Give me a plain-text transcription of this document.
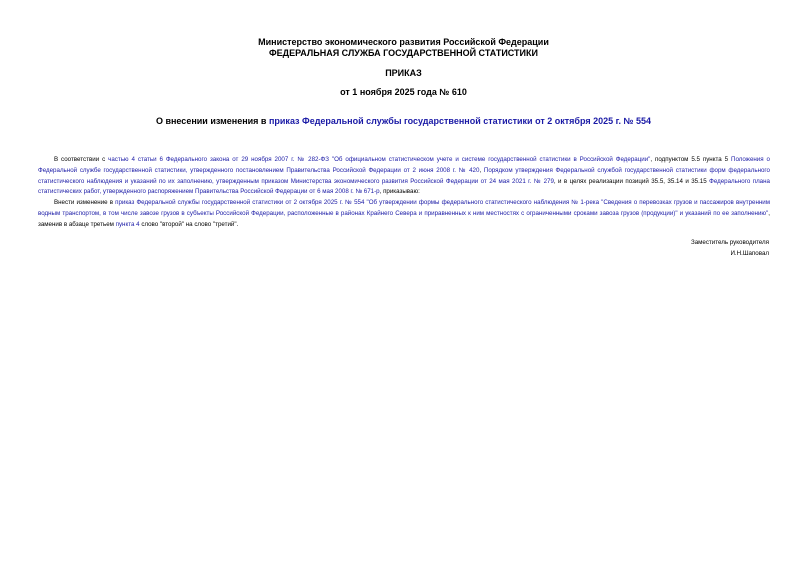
Министерство экономического развития Российской Федерации
ФЕДЕРАЛЬНАЯ СЛУЖБА ГОСУДАРСТВЕННОЙ СТАТИСТИКИ
ПРИКАЗ
от 1 ноября 2025 года № 610
О внесении изменения в приказ Федеральной службы государственной статистики от 2 октября 2025 г. № 554

В соответствии с частью 4 статьи 6 Федерального закона от 29 ноября 2007 г. № 282-ФЗ "Об официальном статистическом учете и системе государственной статистики в Российской Федерации", подпунктом 5.5 пункта 5 Положения о Федеральной службе государственной статистики, утвержденного постановлением Правительства Российской Федерации от 2 июня 2008 г. № 420, Порядком утверждения Федеральной службой государственной статистики форм федерального статистического наблюдения и указаний по их заполнению, утвержденным приказом Министерства экономического развития Российской Федерации от 24 мая 2021 г. № 279, и в целях реализации позиций 35.5, 35.14 и 35.15 Федерального плана статистических работ, утвержденного распоряжением Правительства Российской Федерации от 6 мая 2008 г. № 671-р, приказываю:

Внести изменение в приказ Федеральной службы государственной статистики от 2 октября 2025 г. № 554 "Об утверждении формы федерального статистического наблюдения № 1-река "Сведения о перевозках грузов и пассажиров внутренним водным транспортом, в том числе завозе грузов в субъекты Российской Федерации, расположенные в районах Крайнего Севера и приравненных к ним местностях с ограниченными сроками завоза грузов (продукции)" и указаний по ее заполнению", заменив в абзаце третьем пункта 4 слово "второй" на слово "третий".

Заместитель руководителя
И.Н.Шаповал
